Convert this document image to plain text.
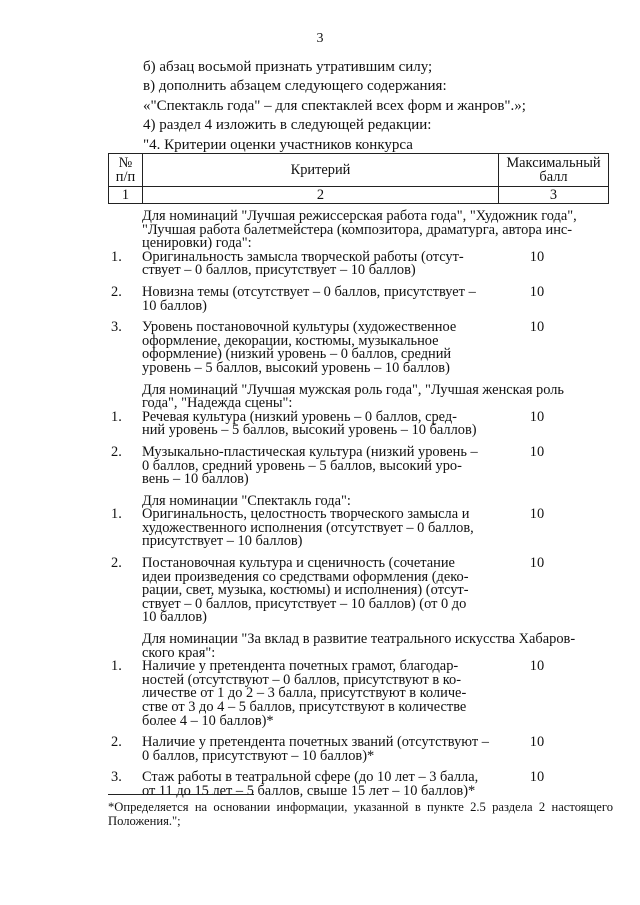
3

б) абзац восьмой признать утратившим силу;

в) дополнить абзацем следующего содержания:

«"Спектакль года" – для спектаклей всех форм и жанров".»;

4) раздел 4 изложить в следующей редакции:

"4. Критерии оценки участников конкурса

№ п/п	Критерий	Максимальный балл
1	2	3

Для номинаций "Лучшая режиссерская работа года", "Художник года",
"Лучшая работа балетмейстера (композитора, драматурга, автора инс-
ценировки) года":

1.	Оригинальность замысла творческой работы (отсут-
ствует – 0 баллов, присутствует – 10 баллов)
10
2.	Новизна темы (отсутствует – 0 баллов, присутствует –
10 баллов)
10
3.	Уровень постановочной культуры (художественное
оформление, декорации, костюмы, музыкальное
оформление) (низкий уровень – 0 баллов, средний
уровень – 5 баллов, высокий уровень – 10 баллов)
10

Для номинаций "Лучшая мужская роль года", "Лучшая женская роль
года", "Надежда сцены":

1.	Речевая культура (низкий уровень – 0 баллов, сред-
ний уровень – 5 баллов, высокий уровень – 10 баллов)
10
2.	Музыкально-пластическая культура (низкий уровень –
0 баллов, средний уровень – 5 баллов, высокий уро-
вень – 10 баллов)
10

Для номинации "Спектакль года":

1.	Оригинальность, целостность творческого замысла и
художественного исполнения (отсутствует – 0 баллов,
присутствует – 10 баллов)
10
2.	Постановочная культура и сценичность (сочетание
идеи произведения со средствами оформления (деко-
рации, свет, музыка, костюмы) и исполнения) (отсут-
ствует – 0 баллов, присутствует – 10 баллов) (от 0 до
10 баллов)
10

Для номинации "За вклад в развитие театрального искусства Хабаров-
ского края":

1.	Наличие у претендента почетных грамот, благодар-
ностей (отсутствуют – 0 баллов, присутствуют в ко-
личестве от 1 до 2 – 3 балла, присутствуют в количе-
стве от 3 до 4 – 5 баллов, присутствуют в количестве
более 4 – 10 баллов)*
10
2.	Наличие у претендента почетных званий (отсутствуют –
0 баллов, присутствуют – 10 баллов)*
10
3.	Стаж работы в театральной сфере (до 10 лет – 3 балла,
от 11 до 15 лет – 5 баллов, свыше 15 лет – 10 баллов)*
10
*Определяется на основании информации, указанной в пункте 2.5 раздела 2 настоящего
Положения.";
